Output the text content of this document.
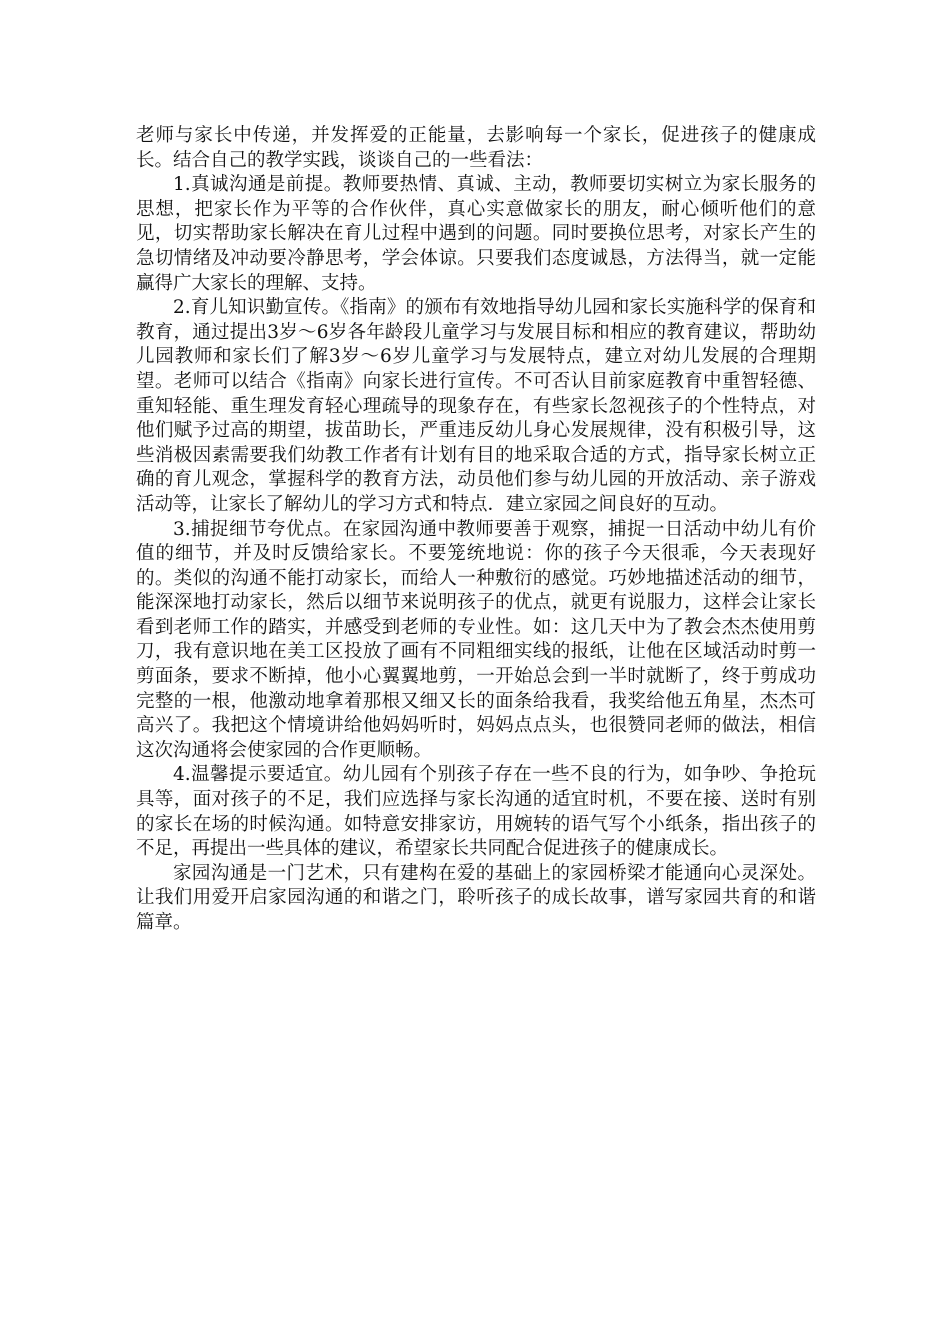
老师与家长中传递，并发挥爱的正能量，去影响每一个家长，促进孩子的健康成长。结合自己的教学实践，谈谈自己的一些看法：

1.真诚沟通是前提。教师要热情、真诚、主动，教师要切实树立为家长服务的思想，把家长作为平等的合作伙伴，真心实意做家长的朋友，耐心倾听他们的意见，切实帮助家长解决在育儿过程中遇到的问题。同时要换位思考，对家长产生的急切情绪及冲动要冷静思考，学会体谅。只要我们态度诚恳，方法得当，就一定能赢得广大家长的理解、支持。

2.育儿知识勤宣传。《指南》的颁布有效地指导幼儿园和家长实施科学的保育和教育，通过提出3岁～6岁各年龄段儿童学习与发展目标和相应的教育建议，帮助幼儿园教师和家长们了解3岁～6岁儿童学习与发展特点，建立对幼儿发展的合理期望。老师可以结合《指南》向家长进行宣传。不可否认目前家庭教育中重智轻德、重知轻能、重生理发育轻心理疏导的现象存在，有些家长忽视孩子的个性特点，对他们赋予过高的期望，拔苗助长，严重违反幼儿身心发展规律，没有积极引导，这些消极因素需要我们幼教工作者有计划有目的地采取合适的方式，指导家长树立正确的育儿观念，掌握科学的教育方法，动员他们参与幼儿园的开放活动、亲子游戏活动等，让家长了解幼儿的学习方式和特点．建立家园之间良好的互动。

3.捕捉细节夸优点。在家园沟通中教师要善于观察，捕捉一日活动中幼儿有价值的细节，并及时反馈给家长。不要笼统地说：你的孩子今天很乖，今天表现好的。类似的沟通不能打动家长，而给人一种敷衍的感觉。巧妙地描述活动的细节，能深深地打动家长，然后以细节来说明孩子的优点，就更有说服力，这样会让家长看到老师工作的踏实，并感受到老师的专业性。如：这几天中为了教会杰杰使用剪刀，我有意识地在美工区投放了画有不同粗细实线的报纸，让他在区域活动时剪一剪面条，要求不断掉，他小心翼翼地剪，一开始总会到一半时就断了，终于剪成功完整的一根，他激动地拿着那根又细又长的面条给我看，我奖给他五角星，杰杰可高兴了。我把这个情境讲给他妈妈听时，妈妈点点头，也很赞同老师的做法，相信这次沟通将会使家园的合作更顺畅。

4.温馨提示要适宜。幼儿园有个别孩子存在一些不良的行为，如争吵、争抢玩具等，面对孩子的不足，我们应选择与家长沟通的适宜时机，不要在接、送时有别的家长在场的时候沟通。如特意安排家访，用婉转的语气写个小纸条，指出孩子的不足，再提出一些具体的建议，希望家长共同配合促进孩子的健康成长。

家园沟通是一门艺术，只有建构在爱的基础上的家园桥梁才能通向心灵深处。让我们用爱开启家园沟通的和谐之门，聆听孩子的成长故事，谱写家园共育的和谐篇章。
